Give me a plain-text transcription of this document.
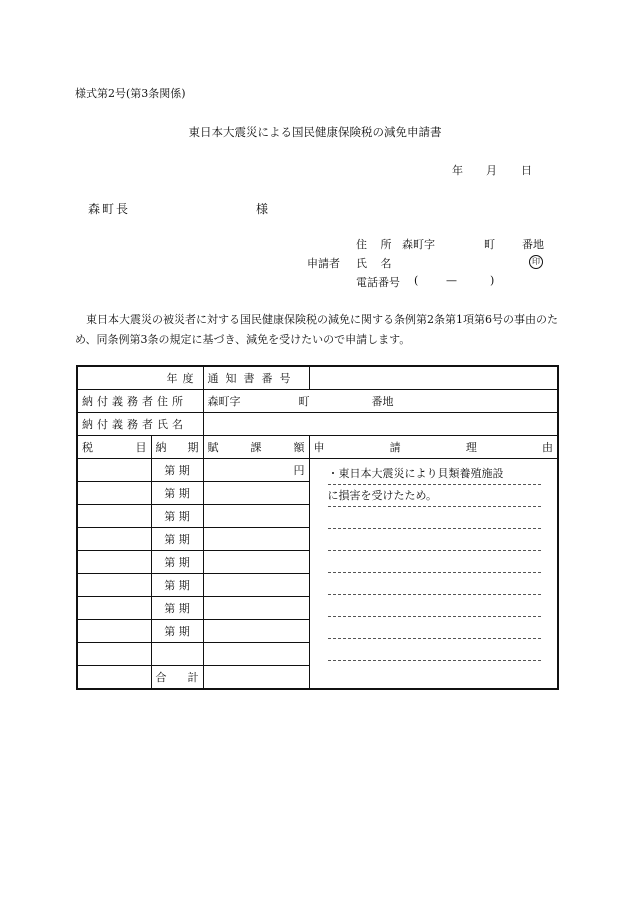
様式第2号(第3条関係)
東日本大震災による国民健康保険税の減免申請書
年 月 日
森町長	様
住 所 森町字	町 番地
申請者 氏 名	印
電話番号 (	—	)
東日本大震災の被災者に対する国民健康保険税の減免に関する条例第2条第1項第6号の事由のため、同条例第3条の規定に基づき、減免を受けたいので申請します。
年度		通知書番号	
納付義務者住所		森町字 町 番地	
納付義務者氏名			

税 目	納 期	賦 課 額	申 請 理 由

	第 期	円	・東日本大震災により貝類養殖施設
に損害を受けたため。

	第 期		
	第 期		
	第 期		
	第 期		
	第 期		
	第 期		
	第 期		

	合 計		
